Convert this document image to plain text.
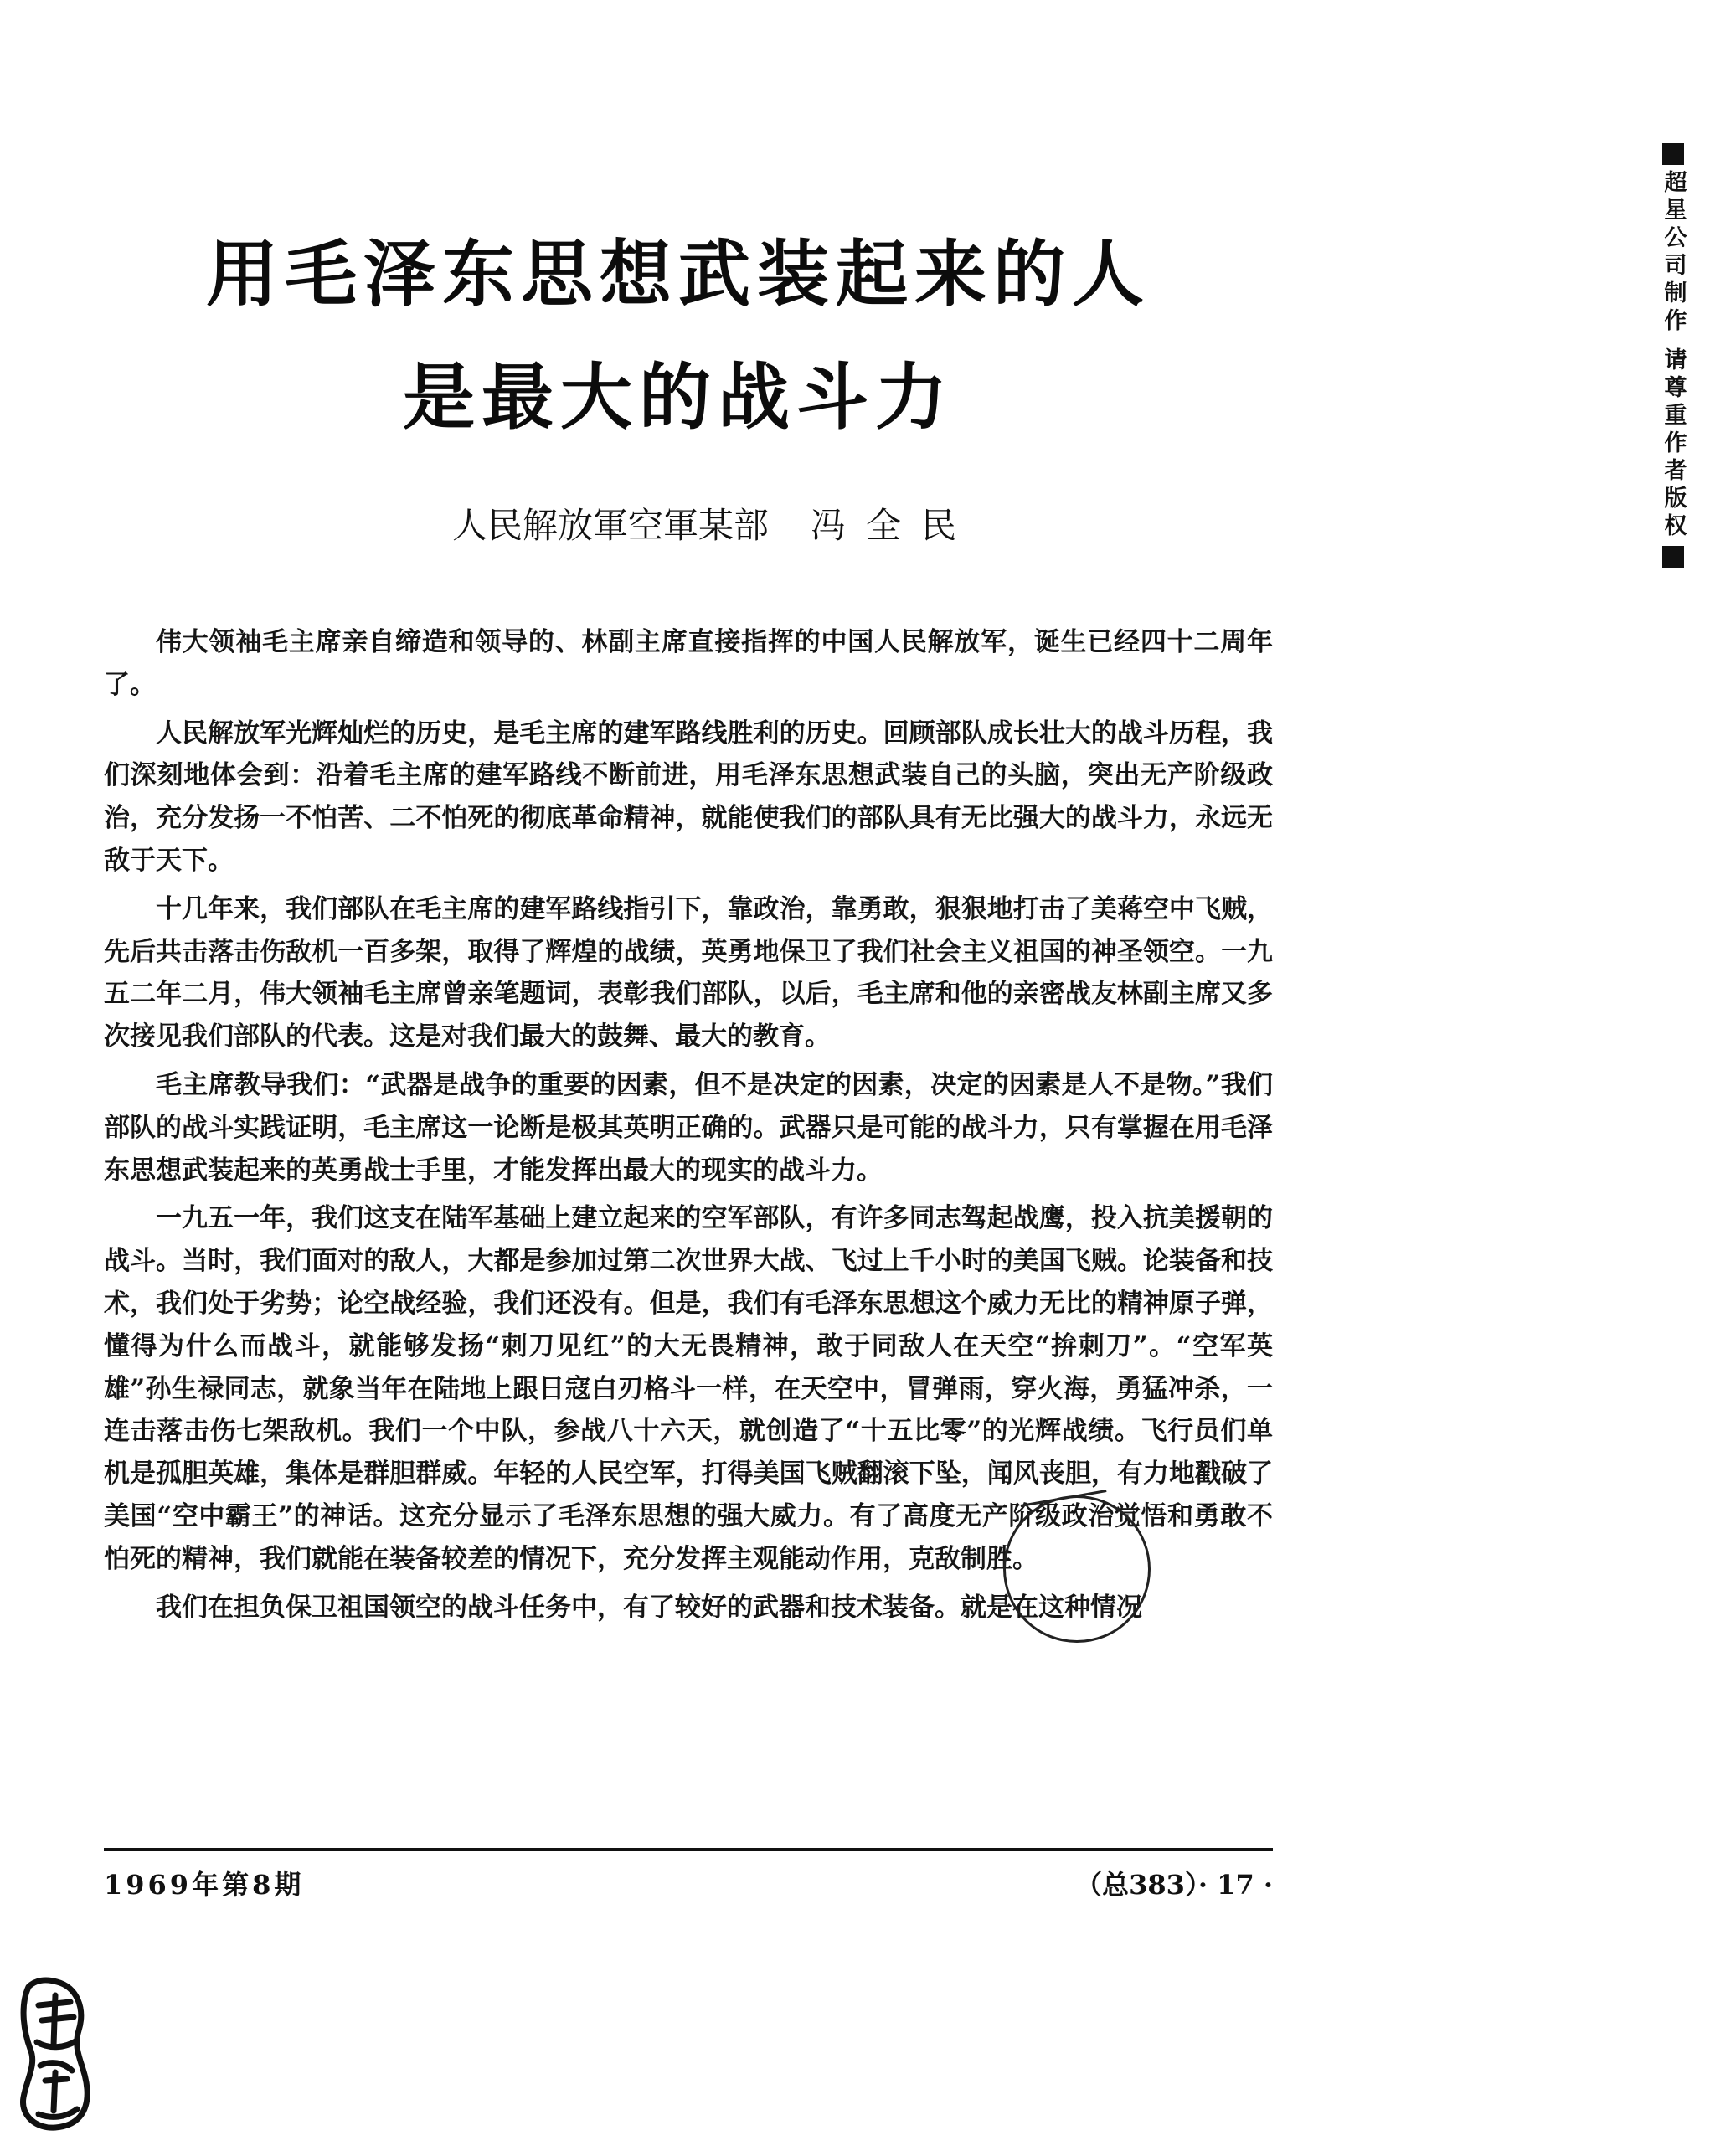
用毛泽东思想武装起来的人
是最大的战斗力
人民解放軍空軍某部 冯全民

伟大领袖毛主席亲自缔造和领导的、林副主席直接指挥的中国人民解放军，诞生已经四十二周年了。

人民解放军光辉灿烂的历史，是毛主席的建军路线胜利的历史。回顾部队成长壮大的战斗历程，我们深刻地体会到：沿着毛主席的建军路线不断前进，用毛泽东思想武装自己的头脑，突出无产阶级政治，充分发扬一不怕苦、二不怕死的彻底革命精神，就能使我们的部队具有无比强大的战斗力，永远无敌于天下。

十几年来，我们部队在毛主席的建军路线指引下，靠政治，靠勇敢，狠狠地打击了美蒋空中飞贼，先后共击落击伤敌机一百多架，取得了辉煌的战绩，英勇地保卫了我们社会主义祖国的神圣领空。一九五二年二月，伟大领袖毛主席曾亲笔题词，表彰我们部队，以后，毛主席和他的亲密战友林副主席又多次接见我们部队的代表。这是对我们最大的鼓舞、最大的教育。

毛主席教导我们：“武器是战争的重要的因素，但不是决定的因素，决定的因素是人不是物。”我们部队的战斗实践证明，毛主席这一论断是极其英明正确的。武器只是可能的战斗力，只有掌握在用毛泽东思想武装起来的英勇战士手里，才能发挥出最大的现实的战斗力。

一九五一年，我们这支在陆军基础上建立起来的空军部队，有许多同志驾起战鹰，投入抗美援朝的战斗。当时，我们面对的敌人，大都是参加过第二次世界大战、飞过上千小时的美国飞贼。论装备和技术，我们处于劣势；论空战经验，我们还没有。但是，我们有毛泽东思想这个威力无比的精神原子弹，懂得为什么而战斗，就能够发扬“刺刀见红”的大无畏精神，敢于同敌人在天空“拚刺刀”。“空军英雄”孙生禄同志，就象当年在陆地上跟日寇白刃格斗一样，在天空中，冒弹雨，穿火海，勇猛冲杀，一连击落击伤七架敌机。我们一个中队，参战八十六天，就创造了“十五比零”的光辉战绩。飞行员们单机是孤胆英雄，集体是群胆群威。年轻的人民空军，打得美国飞贼翻滚下坠，闻风丧胆，有力地戳破了美国“空中霸王”的神话。这充分显示了毛泽东思想的强大威力。有了高度无产阶级政治觉悟和勇敢不怕死的精神，我们就能在装备较差的情况下，充分发挥主观能动作用，克敌制胜。

我们在担负保卫祖国领空的战斗任务中，有了较好的武器和技术装备。就是在这种情况

1969年第8期	（总383）· 17 ·
超星公司制作
请尊重作者版权
